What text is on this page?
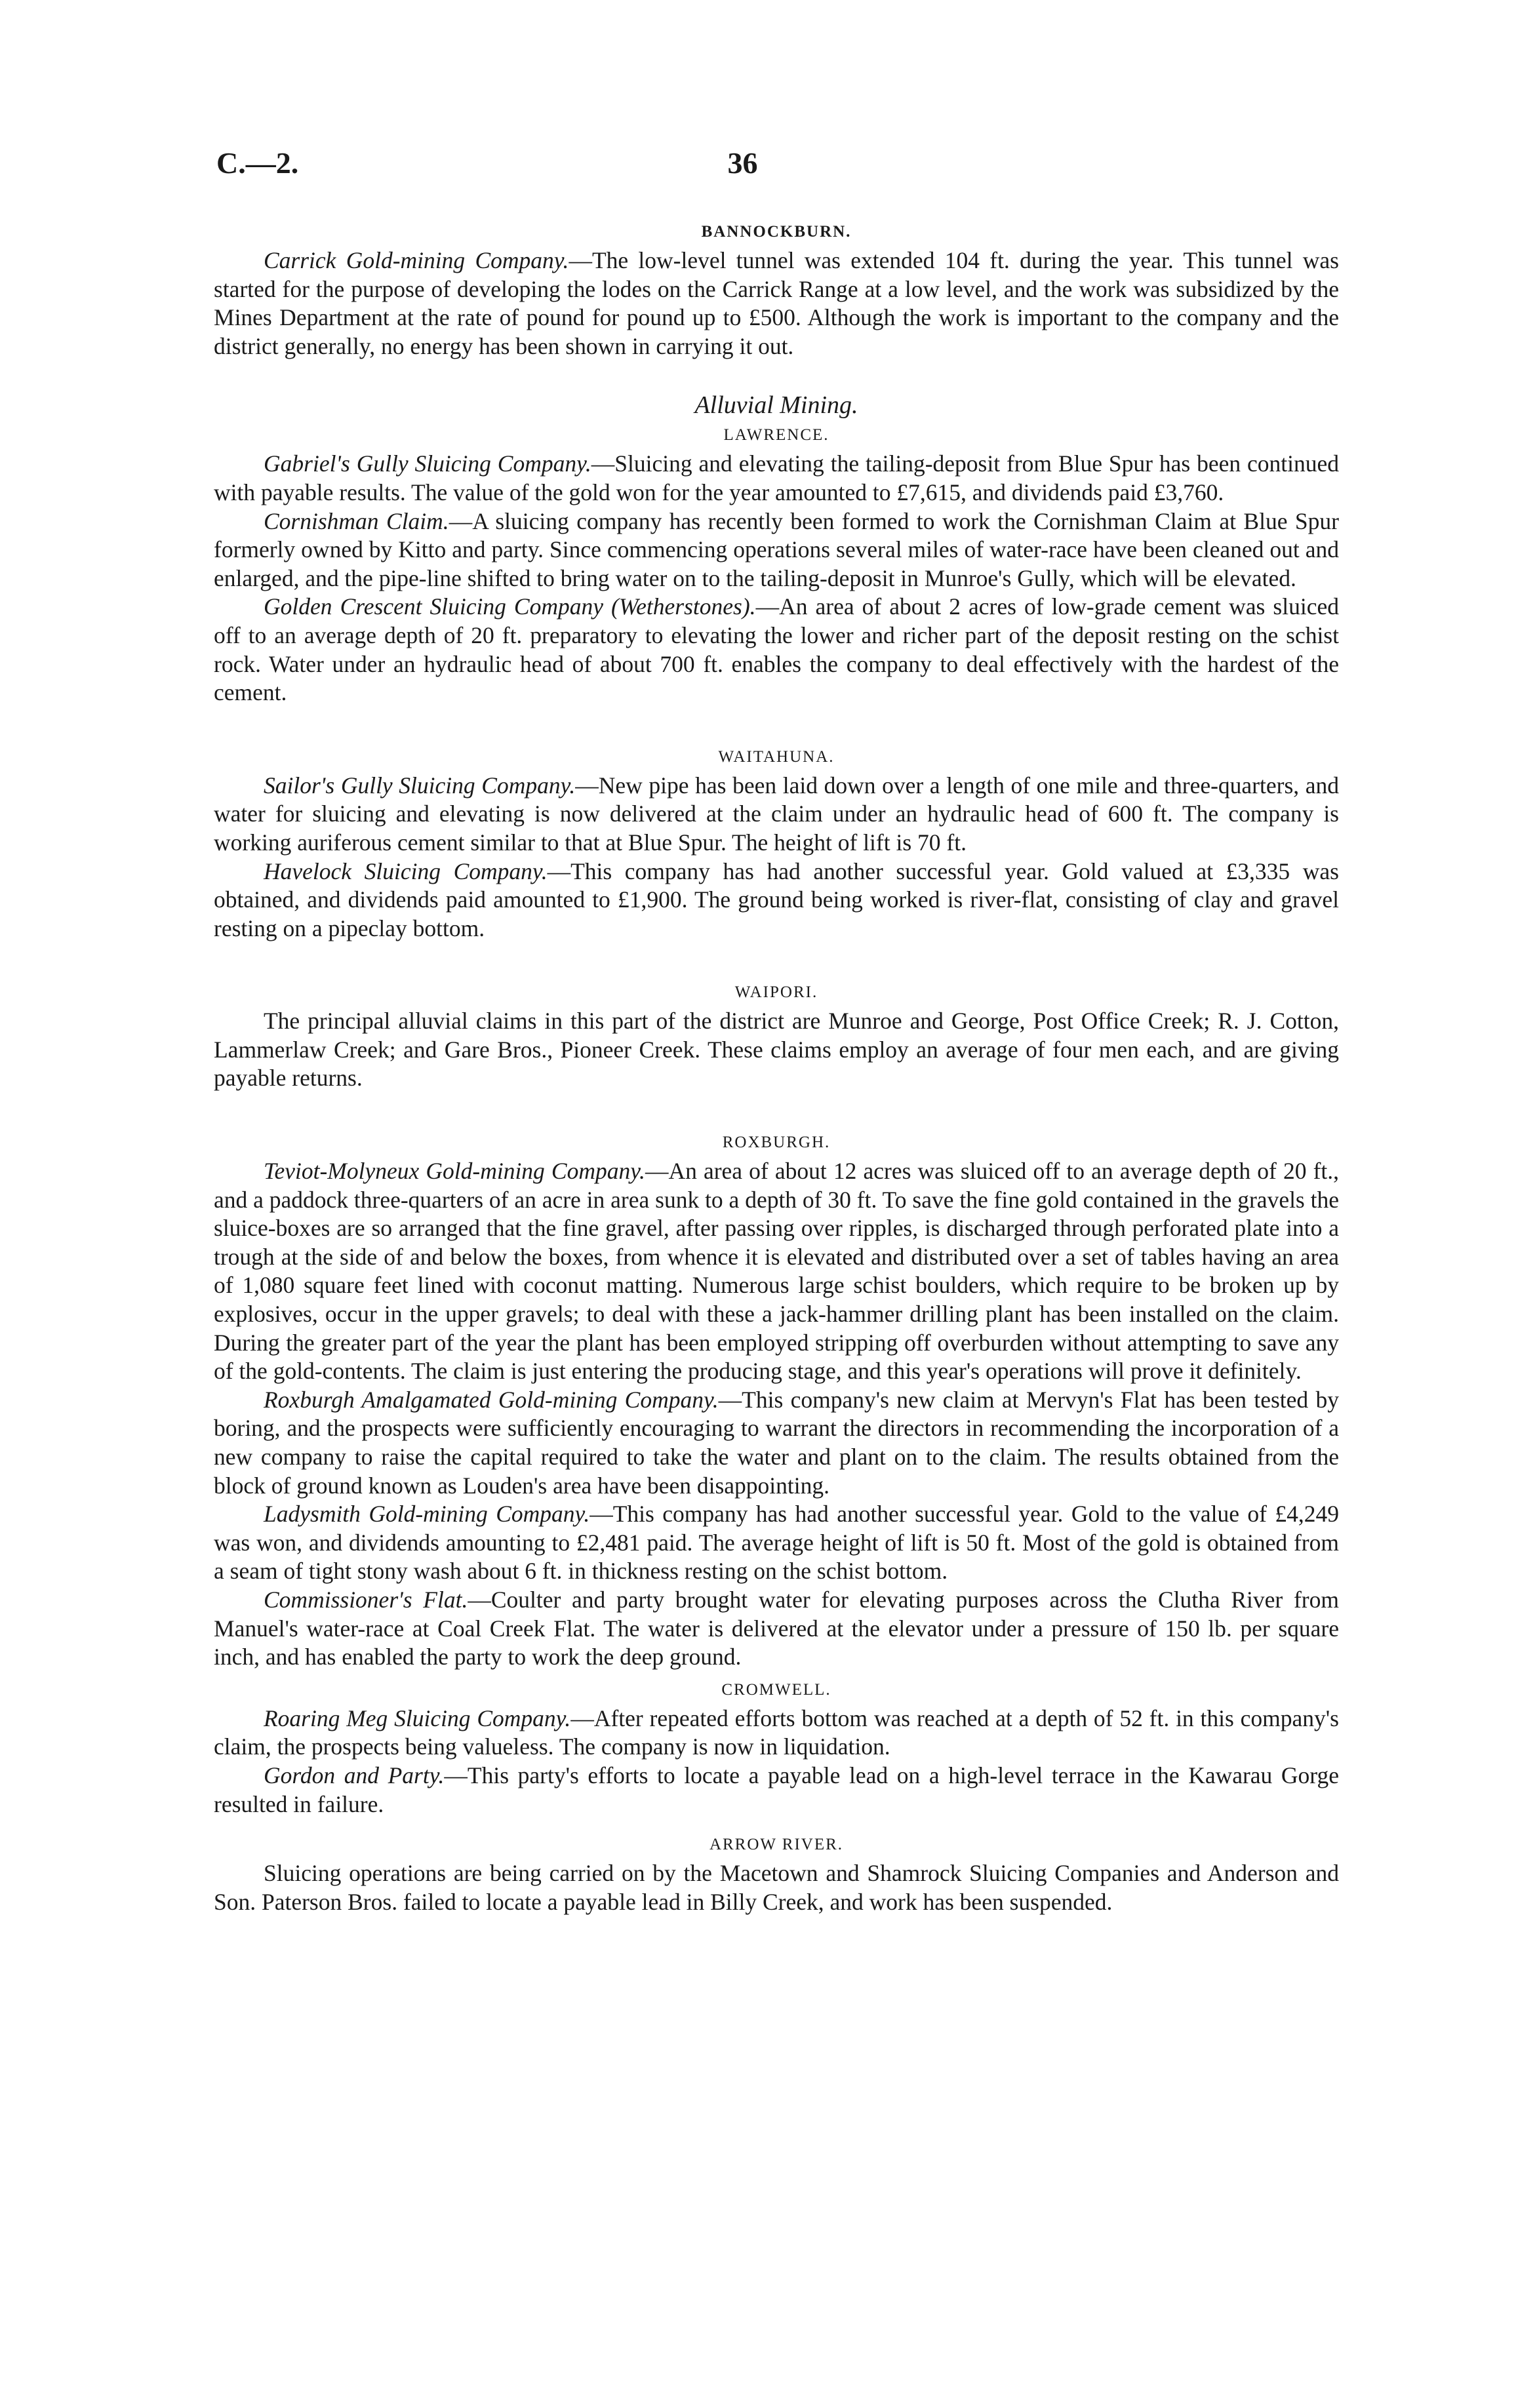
C.—2.	36
BANNOCKBURN.

Carrick Gold-mining Company.—The low-level tunnel was extended 104 ft. during the year. This tunnel was started for the purpose of developing the lodes on the Carrick Range at a low level, and the work was subsidized by the Mines Department at the rate of pound for pound up to £500. Although the work is important to the company and the district generally, no energy has been shown in carrying it out.

Alluvial Mining.
LAWRENCE.

Gabriel's Gully Sluicing Company.—Sluicing and elevating the tailing-deposit from Blue Spur has been continued with payable results. The value of the gold won for the year amounted to £7,615, and dividends paid £3,760.

Cornishman Claim.—A sluicing company has recently been formed to work the Cornishman Claim at Blue Spur formerly owned by Kitto and party. Since commencing operations several miles of water-race have been cleaned out and enlarged, and the pipe-line shifted to bring water on to the tailing-deposit in Munroe's Gully, which will be elevated.

Golden Crescent Sluicing Company (Wetherstones).—An area of about 2 acres of low-grade cement was sluiced off to an average depth of 20 ft. preparatory to elevating the lower and richer part of the deposit resting on the schist rock. Water under an hydraulic head of about 700 ft. enables the company to deal effectively with the hardest of the cement.

WAITAHUNA.

Sailor's Gully Sluicing Company.—New pipe has been laid down over a length of one mile and three-quarters, and water for sluicing and elevating is now delivered at the claim under an hydraulic head of 600 ft. The company is working auriferous cement similar to that at Blue Spur. The height of lift is 70 ft.

Havelock Sluicing Company.—This company has had another successful year. Gold valued at £3,335 was obtained, and dividends paid amounted to £1,900. The ground being worked is river-flat, consisting of clay and gravel resting on a pipeclay bottom.

WAIPORI.

The principal alluvial claims in this part of the district are Munroe and George, Post Office Creek; R. J. Cotton, Lammerlaw Creek; and Gare Bros., Pioneer Creek. These claims employ an average of four men each, and are giving payable returns.

ROXBURGH.

Teviot-Molyneux Gold-mining Company.—An area of about 12 acres was sluiced off to an average depth of 20 ft., and a paddock three-quarters of an acre in area sunk to a depth of 30 ft. To save the fine gold contained in the gravels the sluice-boxes are so arranged that the fine gravel, after passing over ripples, is discharged through perforated plate into a trough at the side of and below the boxes, from whence it is elevated and distributed over a set of tables having an area of 1,080 square feet lined with coconut matting. Numerous large schist boulders, which require to be broken up by explosives, occur in the upper gravels; to deal with these a jack-hammer drilling plant has been installed on the claim. During the greater part of the year the plant has been employed stripping off overburden without attempting to save any of the gold-contents. The claim is just entering the producing stage, and this year's operations will prove it definitely.

Roxburgh Amalgamated Gold-mining Company.—This company's new claim at Mervyn's Flat has been tested by boring, and the prospects were sufficiently encouraging to warrant the directors in recommending the incorporation of a new company to raise the capital required to take the water and plant on to the claim. The results obtained from the block of ground known as Louden's area have been disappointing.

Ladysmith Gold-mining Company.—This company has had another successful year. Gold to the value of £4,249 was won, and dividends amounting to £2,481 paid. The average height of lift is 50 ft. Most of the gold is obtained from a seam of tight stony wash about 6 ft. in thickness resting on the schist bottom.

Commissioner's Flat.—Coulter and party brought water for elevating purposes across the Clutha River from Manuel's water-race at Coal Creek Flat. The water is delivered at the elevator under a pressure of 150 lb. per square inch, and has enabled the party to work the deep ground.

CROMWELL.

Roaring Meg Sluicing Company.—After repeated efforts bottom was reached at a depth of 52 ft. in this company's claim, the prospects being valueless. The company is now in liquidation.

Gordon and Party.—This party's efforts to locate a payable lead on a high-level terrace in the Kawarau Gorge resulted in failure.

ARROW RIVER.

Sluicing operations are being carried on by the Macetown and Shamrock Sluicing Companies and Anderson and Son. Paterson Bros. failed to locate a payable lead in Billy Creek, and work has been suspended.
